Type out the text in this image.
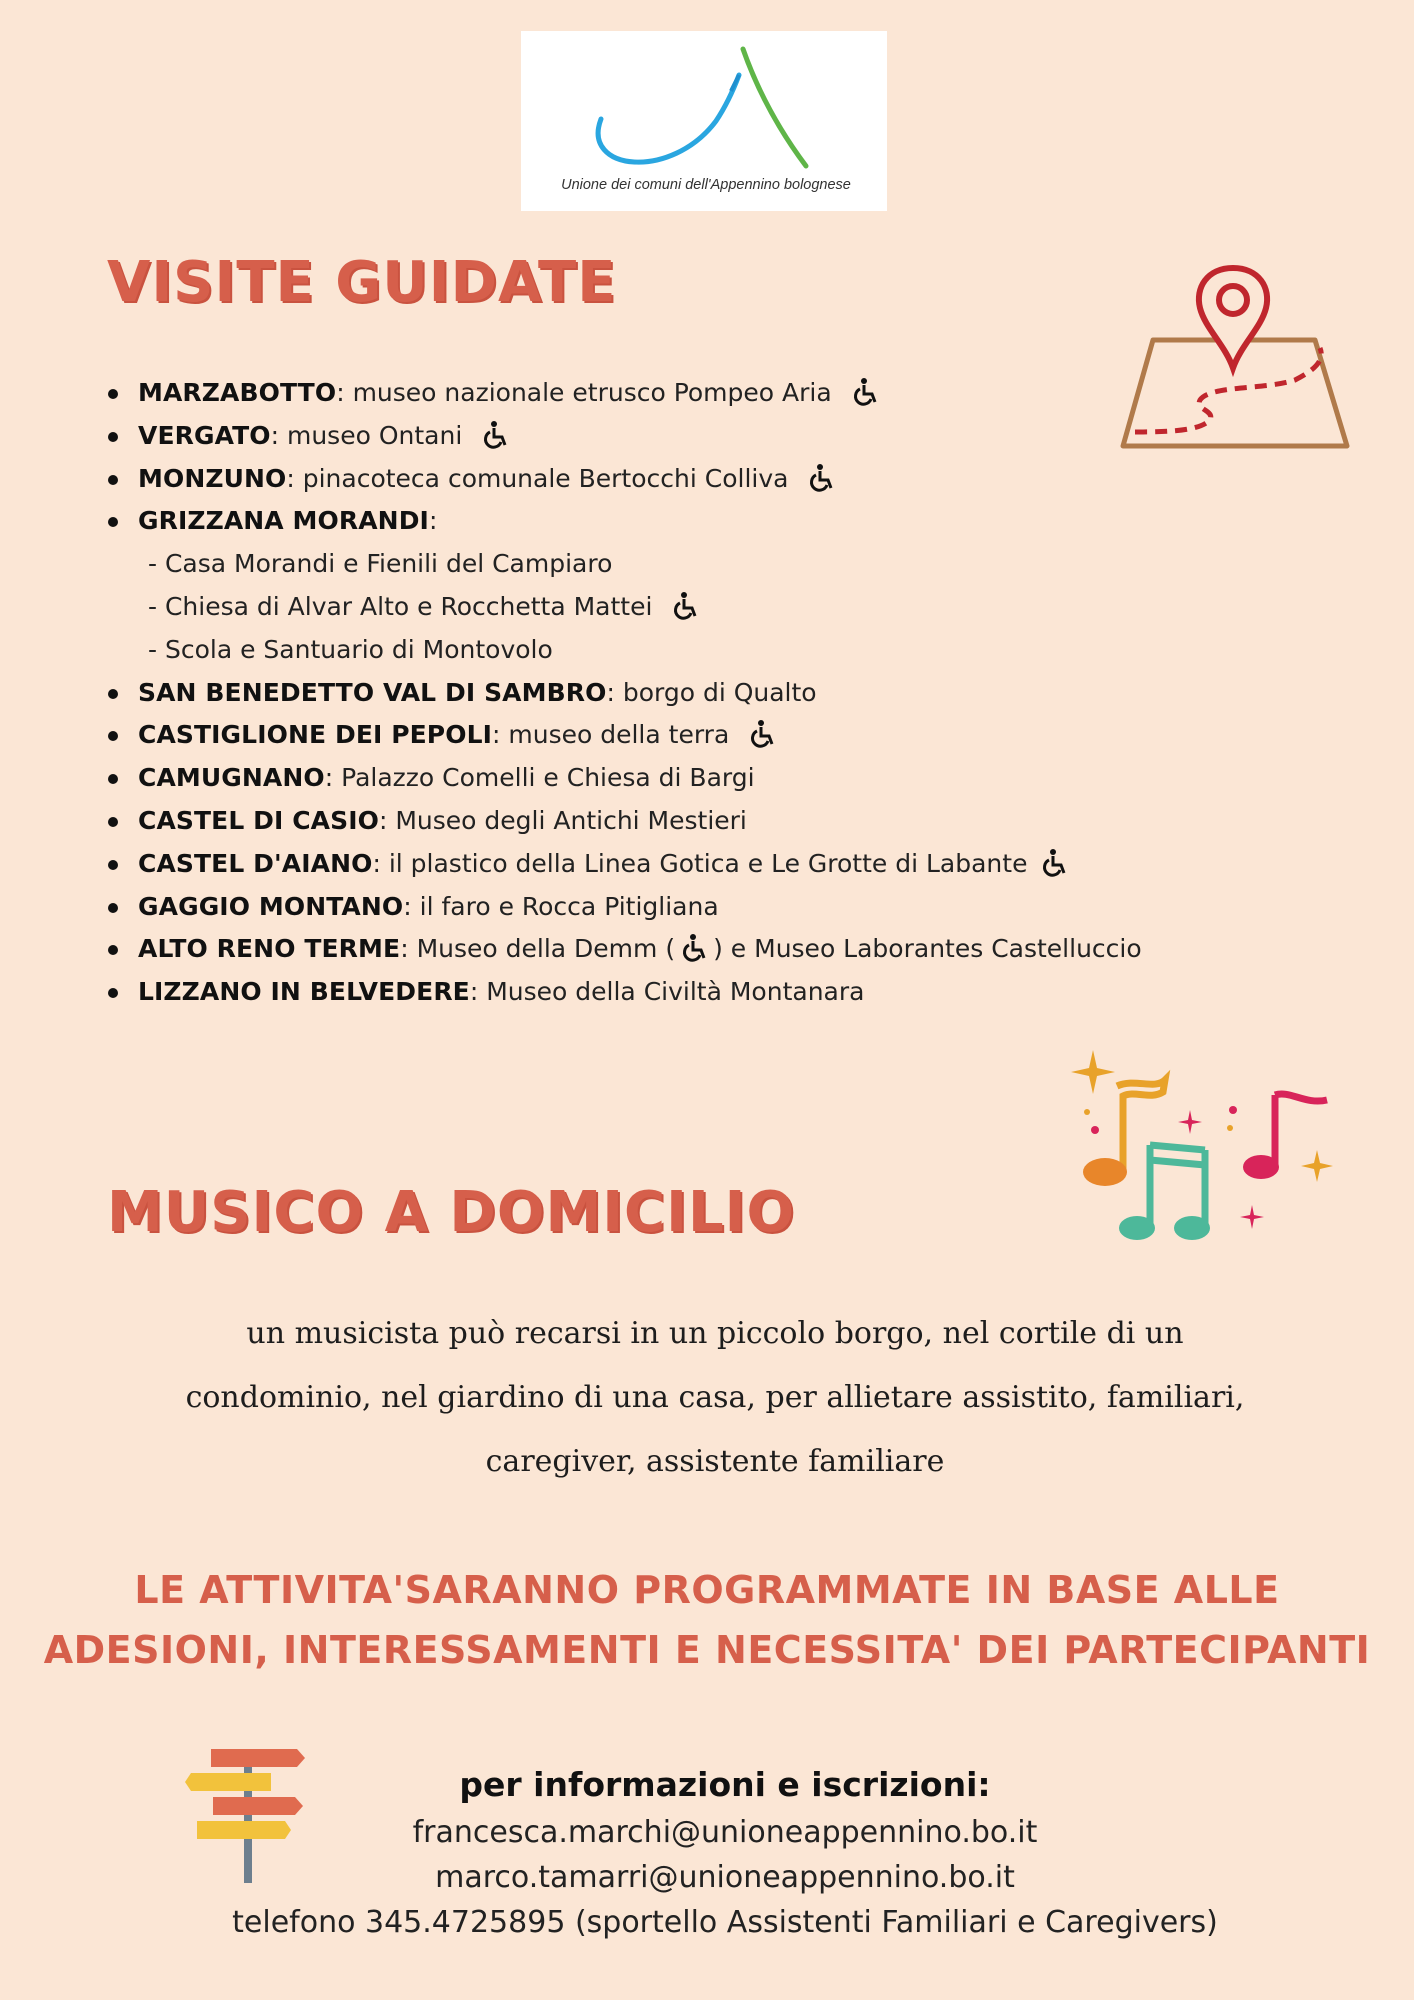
Unione dei comuni dell'Appennino bolognese
VISITE GUIDATE
MARZABOTTO: museo nazionale etrusco Pompeo Aria
VERGATO: museo Ontani
MONZUNO: pinacoteca comunale Bertocchi Colliva
GRIZZANA MORANDI:
- Casa Morandi e Fienili del Campiaro
- Chiesa di Alvar Alto e Rocchetta Mattei
- Scola e Santuario di Montovolo
SAN BENEDETTO VAL DI SAMBRO: borgo di Qualto
CASTIGLIONE DEI PEPOLI: museo della terra
CAMUGNANO: Palazzo Comelli e Chiesa di Bargi
CASTEL DI CASIO: Museo degli Antichi Mestieri
CASTEL D'AIANO: il plastico della Linea Gotica e Le Grotte di Labante
GAGGIO MONTANO: il faro e Rocca Pitigliana
ALTO RENO TERME: Museo della Demm ( ) e Museo Laborantes Castelluccio
LIZZANO IN BELVEDERE: Museo della Civiltà Montanara
MUSICO A DOMICILIO

un musicista può recarsi in un piccolo borgo, nel cortile di un condominio, nel giardino di una casa, per allietare assistito, familiari, caregiver, assistente familiare

LE ATTIVITA'SARANNO PROGRAMMATE IN BASE ALLE
ADESIONI, INTERESSAMENTI E NECESSITA' DEI PARTECIPANTI
per informazioni e iscrizioni:
francesca.marchi@unioneappennino.bo.it
marco.tamarri@unioneappennino.bo.it
telefono 345.4725895 (sportello Assistenti Familiari e Caregivers)
